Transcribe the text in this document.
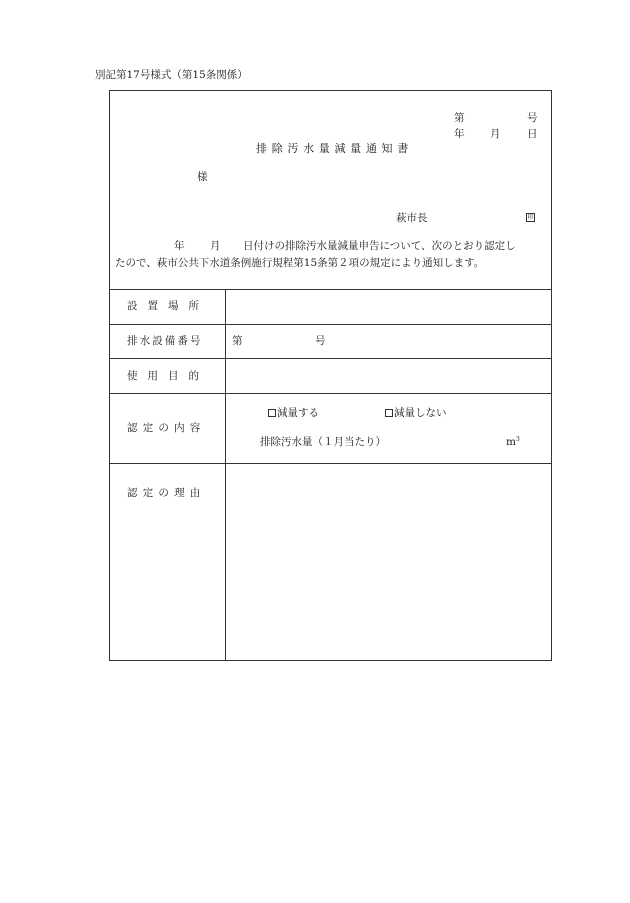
別記第17号様式（第15条関係）
第	号
年 月	日
排 除 汚 水 量 減 量 通 知 書
様
萩市長	印
年 月 日付けの排除汚水量減量申告について、次のとおり認定し
たので、萩市公共下水道条例施行規程第15条第２項の規定により通知します。
設 置 場 所
排 水 設 備 番 号	第	号
使 用 目 的
認 定 の 内 容
減量する	減量しない
排除汚水量（１月当たり）	$m^3$
認 定 の 理 由
